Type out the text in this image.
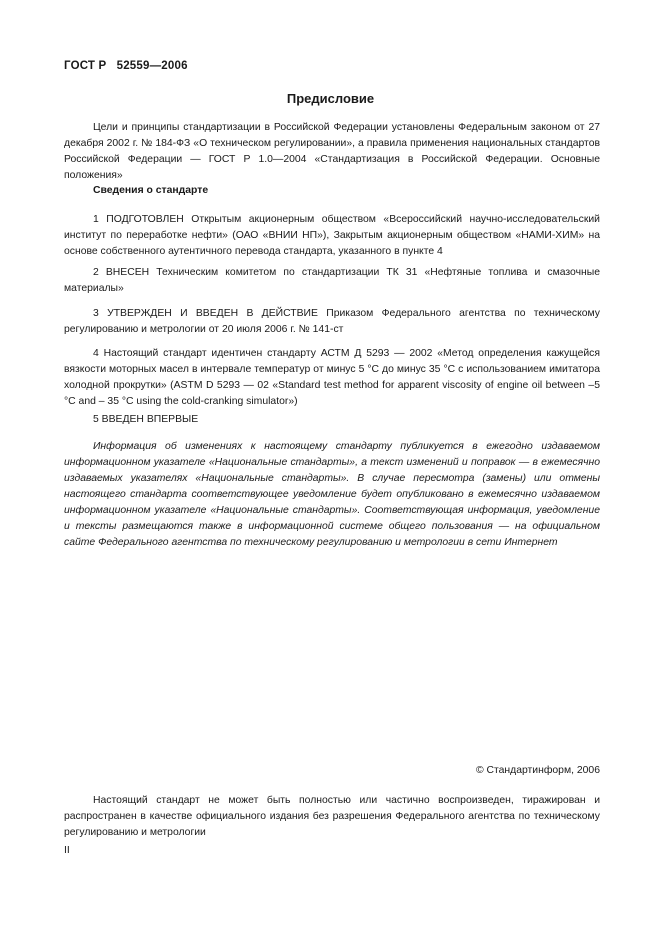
ГОСТ Р   52559—2006
Предисловие

Цели и принципы стандартизации в Российской Федерации установлены Федеральным законом от 27 декабря 2002 г. № 184-ФЗ «О техническом регулировании», а правила применения национальных стандартов Российской Федерации — ГОСТ Р 1.0—2004 «Стандартизация в Российской Федерации. Основные положения»

Сведения о стандарте

1 ПОДГОТОВЛЕН Открытым акционерным обществом «Всероссийский научно-исследовательский институт по переработке нефти» (ОАО «ВНИИ НП»), Закрытым акционерным обществом «НАМИ-ХИМ» на основе собственного аутентичного перевода стандарта, указанного в пункте 4

2 ВНЕСЕН Техническим комитетом по стандартизации ТК 31 «Нефтяные топлива и смазочные материалы»

3 УТВЕРЖДЕН И ВВЕДЕН В ДЕЙСТВИЕ Приказом Федерального агентства по техническому регулированию и метрологии от 20 июля 2006 г. № 141-ст

4 Настоящий стандарт идентичен стандарту АСТМ Д 5293 — 2002 «Метод определения кажущейся вязкости моторных масел в интервале температур от минус 5 °С до минус 35 °С с использованием имитатора холодной прокрутки» (ASTM D 5293 — 02 «Standard test method for apparent viscosity of engine oil between –5 °C and – 35 °C using the cold-cranking simulator»)

5 ВВЕДЕН ВПЕРВЫЕ

Информация об изменениях к настоящему стандарту публикуется в ежегодно издаваемом информационном указателе «Национальные стандарты», а текст изменений и поправок — в ежемесячно издаваемых указателях «Национальные стандарты». В случае пересмотра (замены) или отмены настоящего стандарта соответствующее уведомление будет опубликовано в ежемесячно издаваемом информационном указателе «Национальные стандарты». Соответствующая информация, уведомление и тексты размещаются также в информационной системе общего пользования — на официальном сайте Федерального агентства по техническому регулированию и метрологии в сети Интернет

© Стандартинформ, 2006

Настоящий стандарт не может быть полностью или частично воспроизведен, тиражирован и распространен в качестве официального издания без разрешения Федерального агентства по техническому регулированию и метрологии

II
